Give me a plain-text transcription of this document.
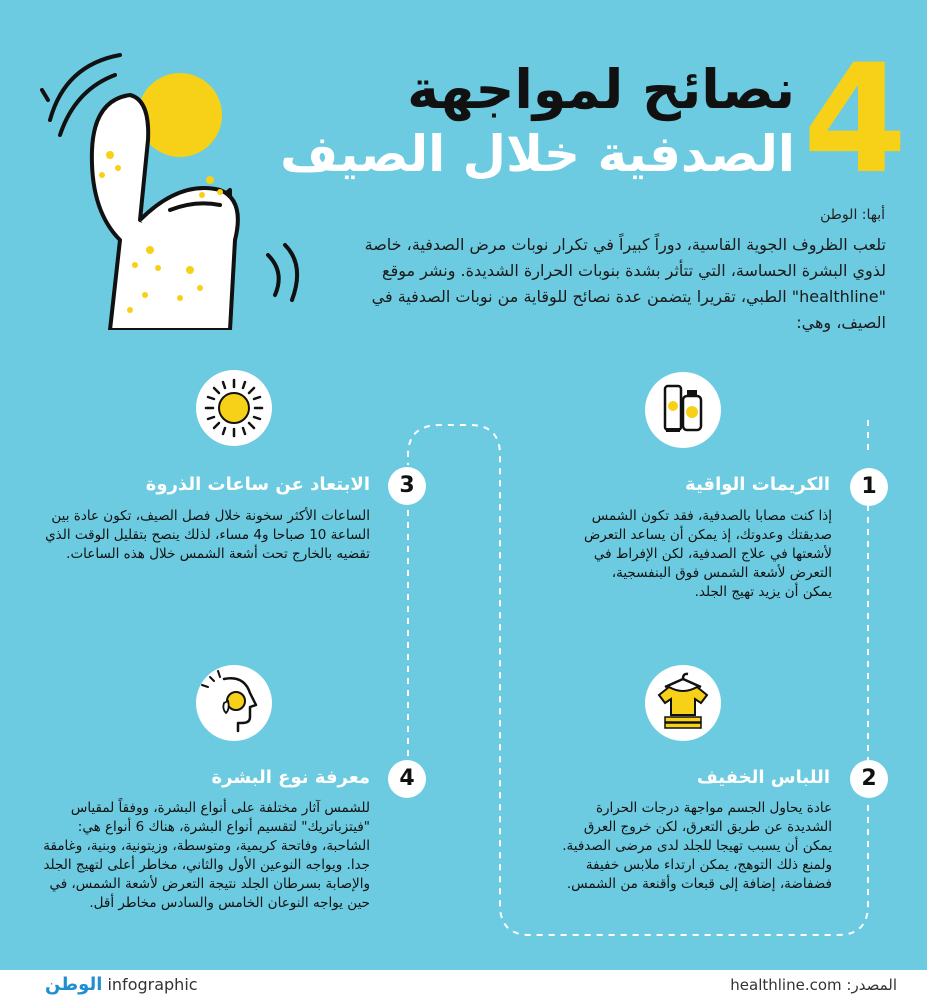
4
نصائح لمواجهة
الصدفية خلال الصيف
أبها: الوطن
تلعب الظروف الجوية القاسية، دوراً كبيراً في تكرار نوبات مرض الصدفية، خاصة لذوي البشرة الحساسة، التي تتأثر بشدة بنوبات الحرارة الشديدة. ونشر موقع "healthline" الطبي، تقريرا يتضمن عدة نصائح للوقاية من نوبات الصدفية في الصيف، وهي:
1
الكريمات الواقية
إذا كنت مصابا بالصدفية، فقد تكون الشمس صديقتك وعدوتك، إذ يمكن أن يساعد التعرض لأشعتها في علاج الصدفية، لكن الإفراط في التعرض لأشعة الشمس فوق البنفسجية، يمكن أن يزيد تهيج الجلد.
2
اللباس الخفيف
عادة يحاول الجسم مواجهة درجات الحرارة الشديدة عن طريق التعرق، لكن خروج العرق يمكن أن يسبب تهيجا للجلد لدى مرضى الصدفية. ولمنع ذلك التوهج، يمكن ارتداء ملابس خفيفة فضفاضة، إضافة إلى قبعات وأقنعة من الشمس.
3
الابتعاد عن ساعات الذروة
الساعات الأكثر سخونة خلال فصل الصيف، تكون عادة بين الساعة 10 صباحا و4 مساء، لذلك ينصح بتقليل الوقت الذي تقضيه بالخارج تحت أشعة الشمس خلال هذه الساعات.
4
معرفة نوع البشرة
للشمس آثار مختلفة على أنواع البشرة، ووفقاً لمقياس "فيتزباتريك" لتقسيم أنواع البشرة، هناك 6 أنواع هي: الشاحبة، وفاتحة كريمية، ومتوسطة، وزيتونية، وبنية، وغامقة جدا. ويواجه النوعين الأول والثاني، مخاطر أعلى لتهيج الجلد والإصابة بسرطان الجلد نتيجة التعرض لأشعة الشمس، في حين يواجه النوعان الخامس والسادس مخاطر أقل.
المصدر: healthline.com
الوطن infographic
